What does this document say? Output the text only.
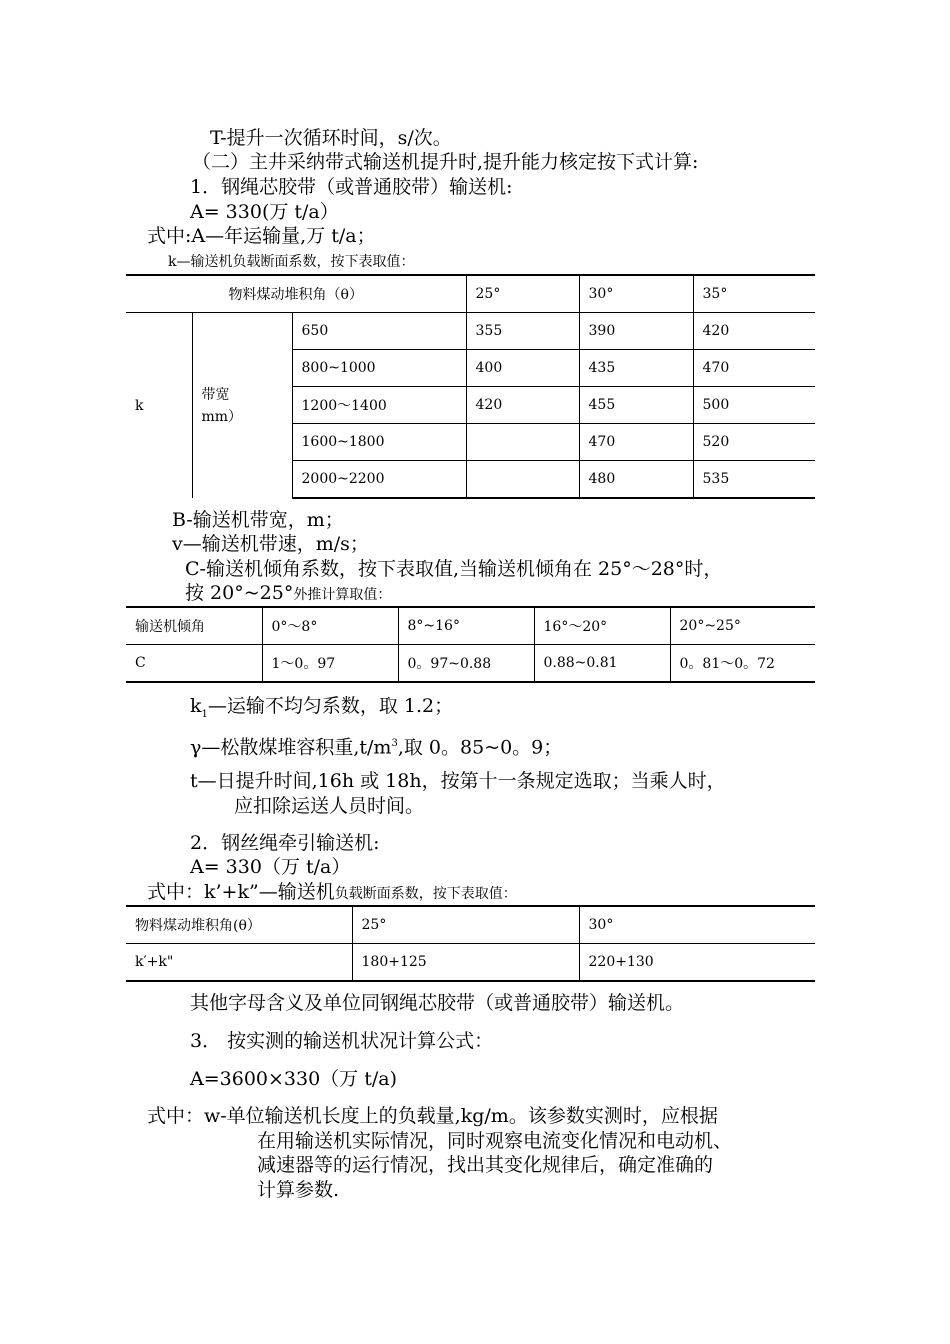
T-提升一次循环时间，s/次。
（二）主井采纳带式输送机提升时,提升能力核定按下式计算:
1．钢绳芯胶带（或普通胶带）输送机:
A= 330(万 t/a）
式中:A—年运输量,万 t/a；
k—输送机负载断面系数，按下表取值：
物料煤动堆积角（θ）			25°	30°	35°
k	带宽
mm）	650	355	390	420
		800~1000	400	435	470
		1200～1400	420	455	500
		1600~1800		470	520
		2000~2200		480	535
B-输送机带宽，m；
v—输送机带速，m/s；
C-输送机倾角系数，按下表取值,当输送机倾角在 25°～28°时，
按 20°~25°外推计算取值：
输送机倾角	0°～8°	8°~16°	16°～20°	20°~25°
C	1～0。97	0。97~0.88	0.88~0.81	0。81～0。72
$k_1—$运输不均匀系数，取 1.2；
γ—松散煤堆容积重$,t/m^3$,取 0。85~0。9；
t—日提升时间,16h 或 18h，按第十一条规定选取；当乘人时，
应扣除运送人员时间。
2．钢丝绳牵引输送机:
A= 330（万 t/a）
式中：k’+k”—输送机负载断面系数，按下表取值：
物料煤动堆积角(θ）	25°	30°
k′+k"	180+125	220+130
其他字母含义及单位同钢绳芯胶带（或普通胶带）输送机。
3． 按实测的输送机状况计算公式：
A=3600×330（万 t/a)
式中：w-单位输送机长度上的负载量,kg/m。该参数实测时，应根据
在用输送机实际情况，同时观察电流变化情况和电动机、
减速器等的运行情况，找出其变化规律后，确定准确的
计算参数.
